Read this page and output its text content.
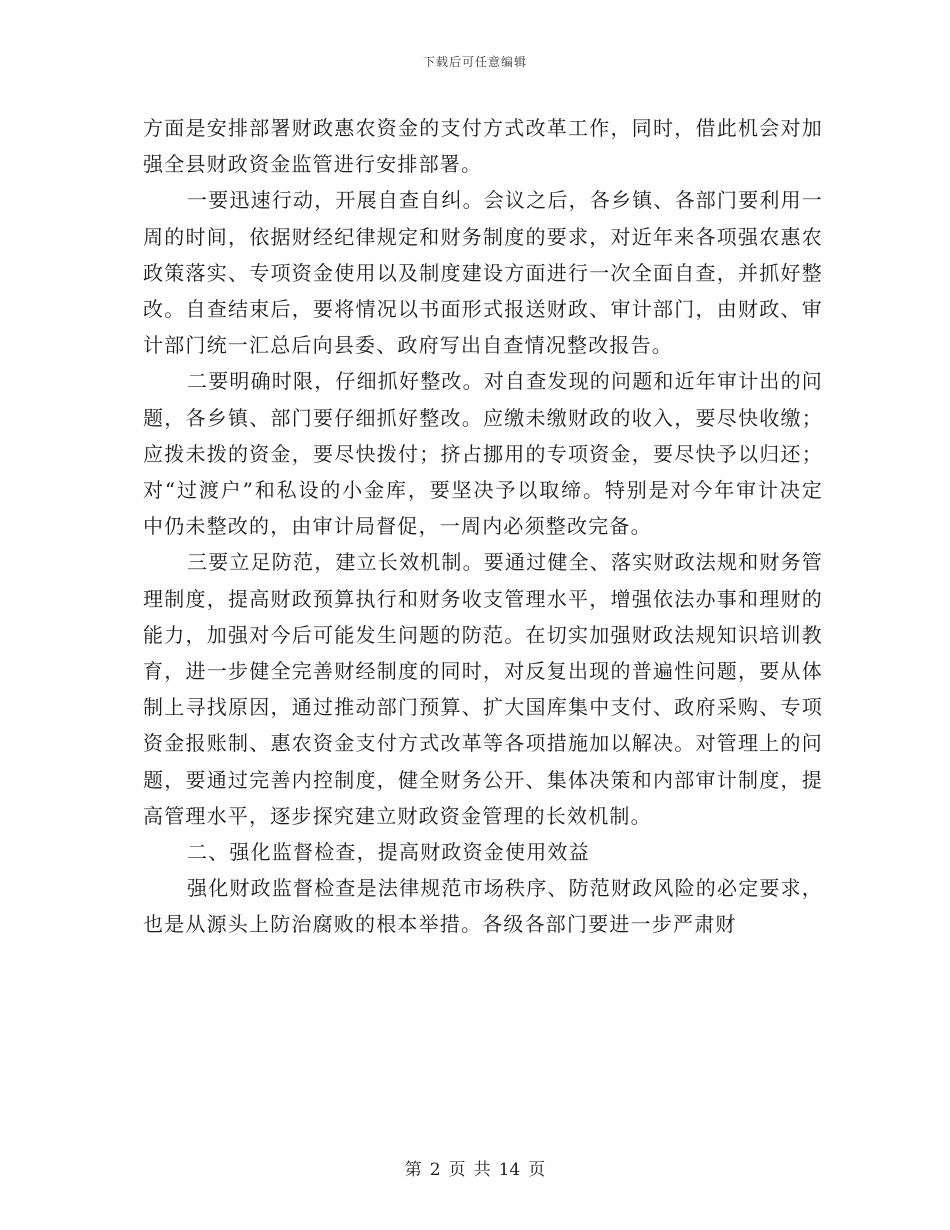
下载后可任意编辑

方面是安排部署财政惠农资金的支付方式改革工作，同时，借此机会对加强全县财政资金监管进行安排部署。

一要迅速行动，开展自查自纠。会议之后，各乡镇、各部门要利用一周的时间，依据财经纪律规定和财务制度的要求，对近年来各项强农惠农政策落实、专项资金使用以及制度建设方面进行一次全面自查，并抓好整改。自查结束后，要将情况以书面形式报送财政、审计部门，由财政、审计部门统一汇总后向县委、政府写出自查情况整改报告。

二要明确时限，仔细抓好整改。对自查发现的问题和近年审计出的问题，各乡镇、部门要仔细抓好整改。应缴未缴财政的收入，要尽快收缴；应拨未拨的资金，要尽快拨付；挤占挪用的专项资金，要尽快予以归还；对“过渡户”和私设的小金库，要坚决予以取缔。特别是对今年审计决定中仍未整改的，由审计局督促，一周内必须整改完备。

三要立足防范，建立长效机制。要通过健全、落实财政法规和财务管理制度，提高财政预算执行和财务收支管理水平，增强依法办事和理财的能力，加强对今后可能发生问题的防范。在切实加强财政法规知识培训教育，进一步健全完善财经制度的同时，对反复出现的普遍性问题，要从体制上寻找原因，通过推动部门预算、扩大国库集中支付、政府采购、专项资金报账制、惠农资金支付方式改革等各项措施加以解决。对管理上的问题，要通过完善内控制度，健全财务公开、集体决策和内部审计制度，提高管理水平，逐步探究建立财政资金管理的长效机制。

二、强化监督检查，提高财政资金使用效益

强化财政监督检查是法律规范市场秩序、防范财政风险的必定要求，也是从源头上防治腐败的根本举措。各级各部门要进一步严肃财

第 2 页 共 14 页
